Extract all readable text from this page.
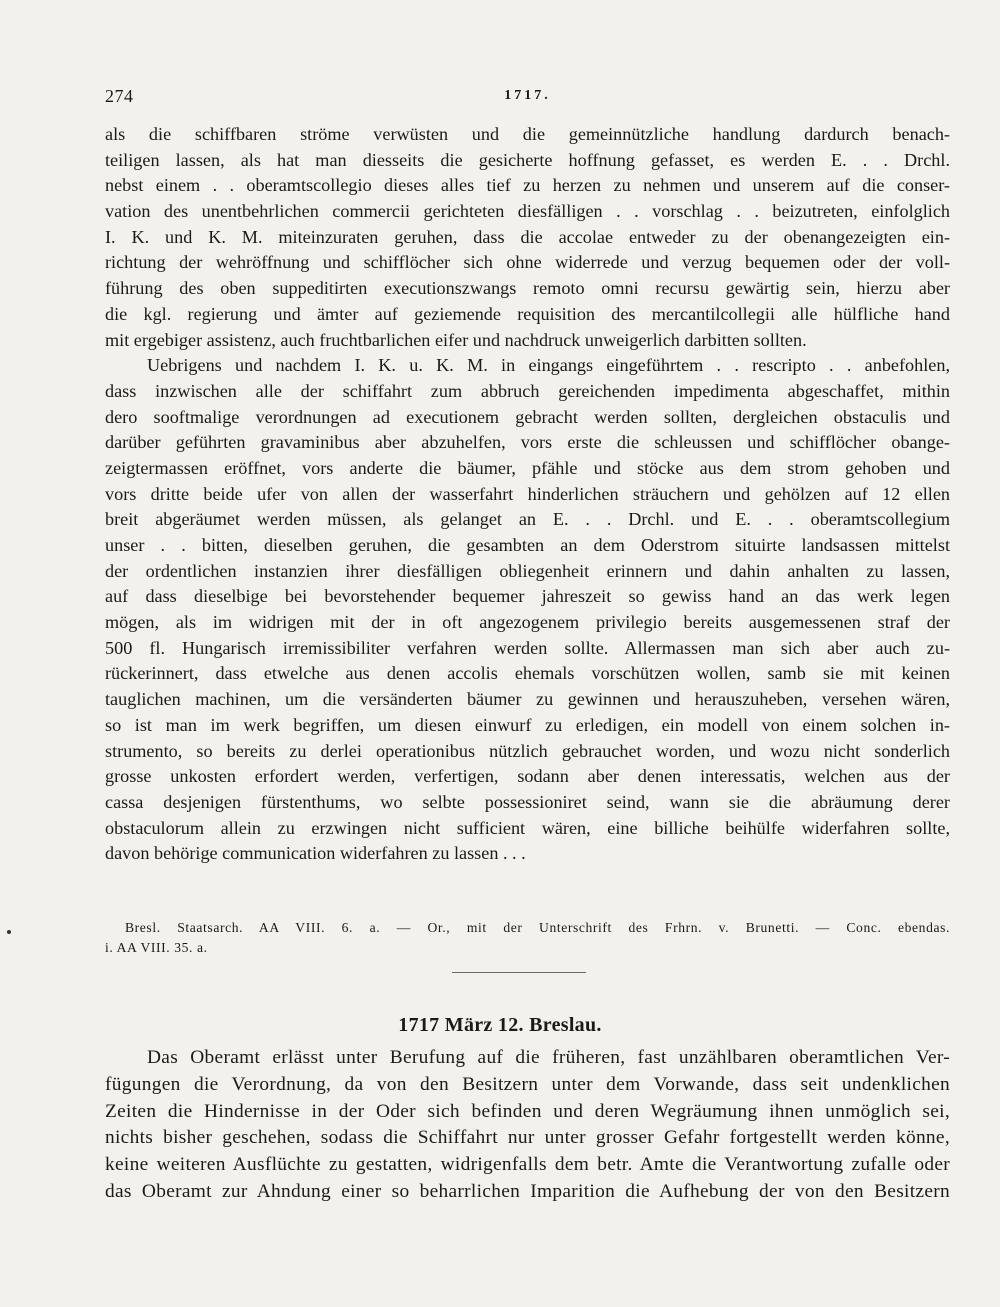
274	1717.
als die schiffbaren ströme verwüsten und die gemeinnützliche handlung dardurch benach-
teiligen lassen, als hat man diesseits die gesicherte hoffnung gefasset, es werden E. . . Drchl.
nebst einem . . oberamtscollegio dieses alles tief zu herzen zu nehmen und unserem auf die conser-
vation des unentbehrlichen commercii gerichteten diesfälligen . . vorschlag . . beizutreten, einfolglich
I. K. und K. M. miteinzuraten geruhen, dass die accolae entweder zu der obenangezeigten ein-
richtung der wehröffnung und schifflöcher sich ohne widerrede und verzug bequemen oder der voll-
führung des oben suppeditirten executionszwangs remoto omni recursu gewärtig sein, hierzu aber
die kgl. regierung und ämter auf geziemende requisition des mercantilcollegii alle hülfliche hand
mit ergebiger assistenz, auch fruchtbarlichen eifer und nachdruck unweigerlich darbitten sollten.
Uebrigens und nachdem I. K. u. K. M. in eingangs eingeführtem . . rescripto . . anbefohlen,
dass inzwischen alle der schiffahrt zum abbruch gereichenden impedimenta abgeschaffet, mithin
dero sooftmalige verordnungen ad executionem gebracht werden sollten, dergleichen obstaculis und
darüber geführten gravaminibus aber abzuhelfen, vors erste die schleussen und schifflöcher obange-
zeigtermassen eröffnet, vors anderte die bäumer, pfähle und stöcke aus dem strom gehoben und
vors dritte beide ufer von allen der wasserfahrt hinderlichen sträuchern und gehölzen auf 12 ellen
breit abgeräumet werden müssen, als gelanget an E. . . Drchl. und E. . . oberamtscollegium
unser . . bitten, dieselben geruhen, die gesambten an dem Oderstrom situirte landsassen mittelst
der ordentlichen instanzien ihrer diesfälligen obliegenheit erinnern und dahin anhalten zu lassen,
auf dass dieselbige bei bevorstehender bequemer jahreszeit so gewiss hand an das werk legen
mögen, als im widrigen mit der in oft angezogenem privilegio bereits ausgemessenen straf der
500 fl. Hungarisch irremissibiliter verfahren werden sollte. Allermassen man sich aber auch zu-
rückerinnert, dass etwelche aus denen accolis ehemals vorschützen wollen, samb sie mit keinen
tauglichen machinen, um die versänderten bäumer zu gewinnen und herauszuheben, versehen wären,
so ist man im werk begriffen, um diesen einwurf zu erledigen, ein modell von einem solchen in-
strumento, so bereits zu derlei operationibus nützlich gebrauchet worden, und wozu nicht sonderlich
grosse unkosten erfordert werden, verfertigen, sodann aber denen interessatis, welchen aus der
cassa desjenigen fürstenthums, wo selbte possessioniret seind, wann sie die abräumung derer
obstaculorum allein zu erzwingen nicht sufficient wären, eine billiche beihülfe widerfahren sollte,
davon behörige communication widerfahren zu lassen . . .
Bresl. Staatsarch. AA VIII. 6. a. — Or., mit der Unterschrift des Frhrn. v. Brunetti. — Conc. ebendas.
i. AA VIII. 35. a.
1717 März 12. Breslau.
Das Oberamt erlässt unter Berufung auf die früheren, fast unzählbaren oberamtlichen Ver-
fügungen die Verordnung, da von den Besitzern unter dem Vorwande, dass seit undenklichen
Zeiten die Hindernisse in der Oder sich befinden und deren Wegräumung ihnen unmöglich sei,
nichts bisher geschehen, sodass die Schiffahrt nur unter grosser Gefahr fortgestellt werden könne,
keine weiteren Ausflüchte zu gestatten, widrigenfalls dem betr. Amte die Verantwortung zufalle oder
das Oberamt zur Ahndung einer so beharrlichen Imparition die Aufhebung der von den Besitzern
